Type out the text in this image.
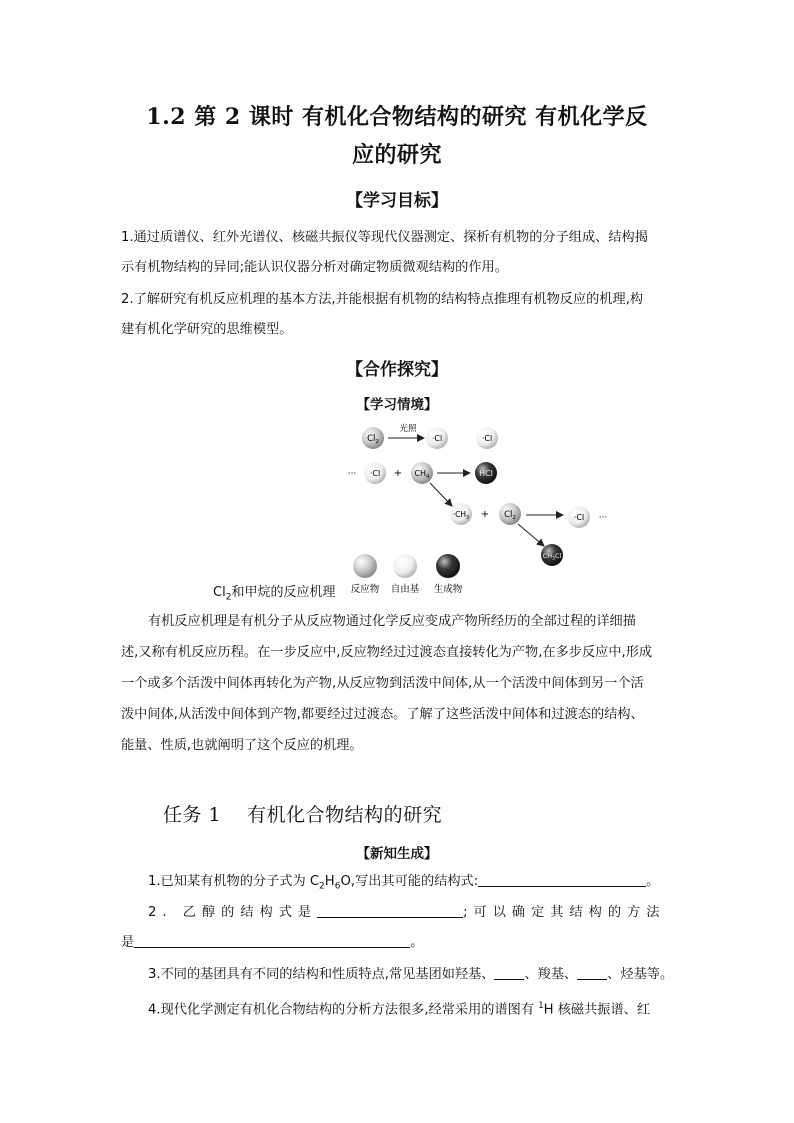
1.2 第 2 课时 有机化合物结构的研究 有机化学反
应的研究
【学习目标】
1.通过质谱仪、红外光谱仪、核磁共振仪等现代仪器测定、探析有机物的分子组成、结构揭
示有机物结构的异同;能认识仪器分析对确定物质微观结构的作用。
2.了解研究有机反应机理的基本方法,并能根据有机物的结构特点推理有机物反应的机理,构
建有机化学研究的思维模型。
【合作探究】
【学习情境】
$Cl_2$
光照
·Cl	·Cl
··· $\cdot Cl + CH_4$	HCl
$\cdot CH_3 + Cl_2$	·Cl ···
$CH_3Cl$
反应物 自由基 生成物
$Cl_2$和甲烷的反应机理
有机反应机理是有机分子从反应物通过化学反应变成产物所经历的全部过程的详细描
述,又称有机反应历程。在一步反应中,反应物经过过渡态直接转化为产物,在多步反应中,形成
一个或多个活泼中间体再转化为产物,从反应物到活泼中间体,从一个活泼中间体到另一个活
泼中间体,从活泼中间体到产物,都要经过过渡态。了解了这些活泼中间体和过渡态的结构、
能量、性质,也就阐明了这个反应的机理。
任务 1 有机化合物结构的研究
【新知生成】
1.已知某有机物的分子式为 $C_2H_6O$,写出其可能的结构式:	。
2. 乙醇的结构式是	;可以确定其结构的方法
是	。
3.不同的基团具有不同的结构和性质特点,常见基团如羟基、 、羧基、 、烃基等。
4.现代化学测定有机化合物结构的分析方法很多,经常采用的谱图有 $^1$H 核磁共振谱、红
